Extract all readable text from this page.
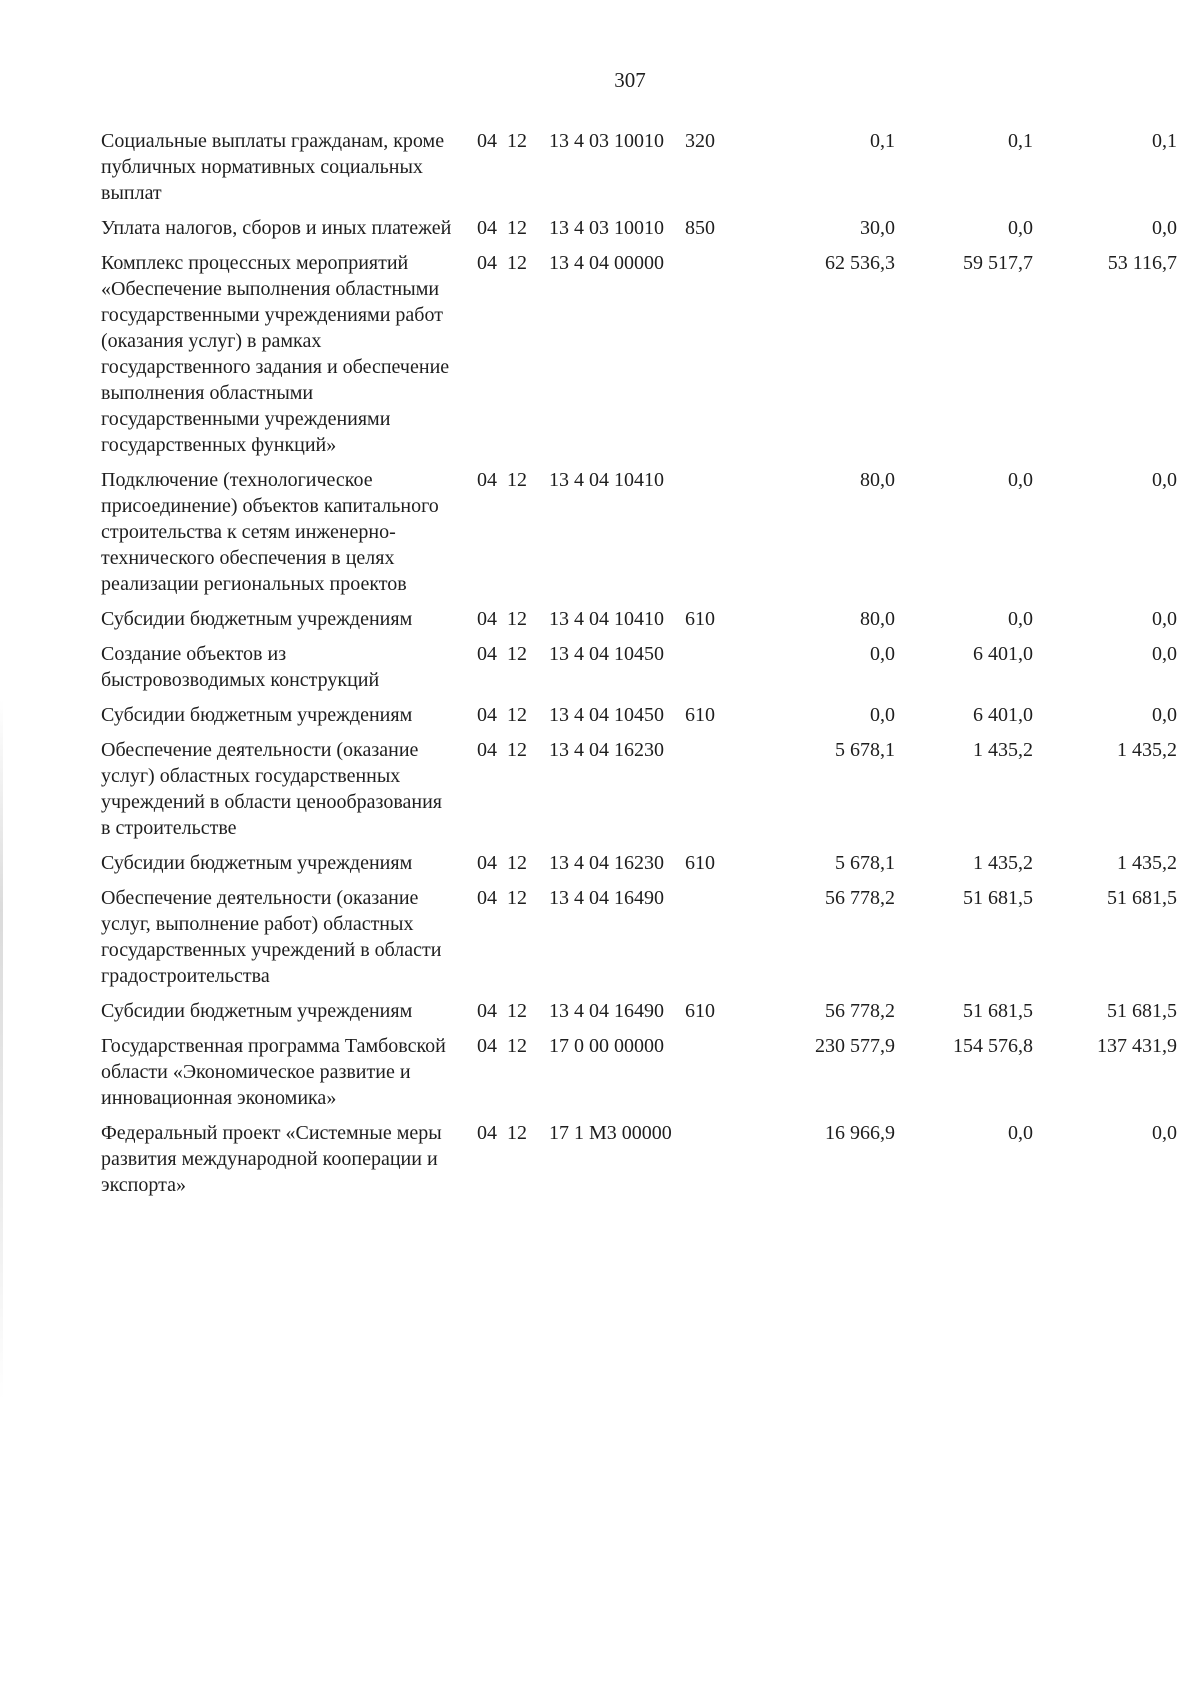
307
Социальные выплаты гражданам, кроме публичных нормативных социальных выплат	04	12	13 4 03 10010	320	0,1	0,1	0,1
Уплата налогов, сборов и иных платежей	04	12	13 4 03 10010	850	30,0	0,0	0,0
Комплекс процессных мероприятий «Обеспечение выполнения областными государственными учреждениями работ (оказания услуг) в рамках государственного задания и обеспечение выполнения областными государственными учреждениями государственных функций»	04	12	13 4 04 00000		62 536,3	59 517,7	53 116,7
Подключение (технологическое присоединение) объектов капитального строительства к сетям инженерно-технического обеспечения в целях реализации региональных проектов	04	12	13 4 04 10410		80,0	0,0	0,0
Субсидии бюджетным учреждениям	04	12	13 4 04 10410	610	80,0	0,0	0,0
Создание объектов из быстровозводимых конструкций	04	12	13 4 04 10450		0,0	6 401,0	0,0
Субсидии бюджетным учреждениям	04	12	13 4 04 10450	610	0,0	6 401,0	0,0
Обеспечение деятельности (оказание услуг) областных государственных учреждений в области ценообразования в строительстве	04	12	13 4 04 16230		5 678,1	1 435,2	1 435,2
Субсидии бюджетным учреждениям	04	12	13 4 04 16230	610	5 678,1	1 435,2	1 435,2
Обеспечение деятельности (оказание услуг, выполнение работ) областных государственных учреждений в области градостроительства	04	12	13 4 04 16490		56 778,2	51 681,5	51 681,5
Субсидии бюджетным учреждениям	04	12	13 4 04 16490	610	56 778,2	51 681,5	51 681,5
Государственная программа Тамбовской области «Экономическое развитие и инновационная экономика»	04	12	17 0 00 00000		230 577,9	154 576,8	137 431,9
Федеральный проект «Системные меры развития международной кооперации и экспорта»	04	12	17 1 M3 00000		16 966,9	0,0	0,0
